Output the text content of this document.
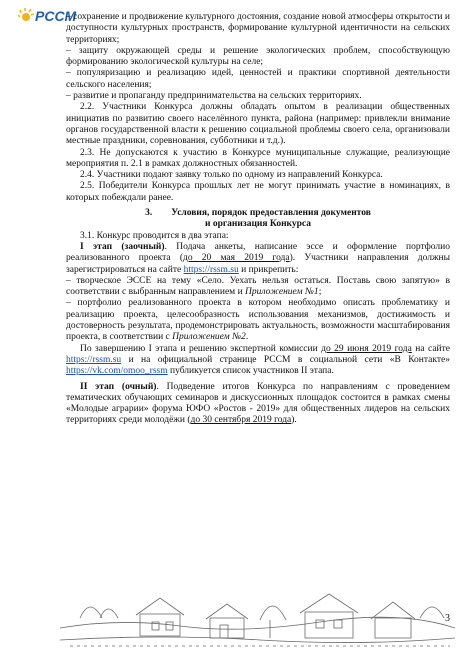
РССМ

– сохранение и продвижение культурного достояния, создание новой атмосферы открытости и доступности культурных пространств, формирование культурной идентичности на сельских территориях;

– защиту окружающей среды и решение экологических проблем, способствующую формированию экологической культуры на селе;

– популяризацию и реализацию идей, ценностей и практики спортивной деятельности сельского населения;

– развитие и пропаганду предпринимательства на сельских территориях.

2.2. Участники Конкурса должны обладать опытом в реализации общественных инициатив по развитию своего населённого пункта, района (например: привлекли внимание органов государственной власти к решению социальной проблемы своего села, организовали местные праздники, соревнования, субботники и т.д.).

2.3. Не допускаются к участию в Конкурсе муниципальные служащие, реализующие мероприятия п. 2.1 в рамках должностных обязанностей.

2.4. Участники подают заявку только по одному из направлений Конкурса.

2.5. Победители Конкурса прошлых лет не могут принимать участие в номинациях, в которых побеждали ранее.

3. Условия, порядок предоставления документов
и организация Конкурса

3.1. Конкурс проводится в два этапа:

I этап (заочный). Подача анкеты, написание эссе и оформление портфолио реализованного проекта (до 20 мая 2019 года). Участники направления должны зарегистрироваться на сайте https://rssm.su и прикрепить:

– творческое ЭССЕ на тему «Село. Уехать нельзя остаться. Поставь свою запятую» в соответствии с выбранным направлением и Приложением №1;

– портфолио реализованного проекта в котором необходимо описать проблематику и реализацию проекта, целесообразность использования механизмов, достижимость и достоверность результата, продемонстрировать актуальность, возможности масштабирования проекта, в соответствии с Приложением №2.

По завершению I этапа и решению экспертной комиссии до 29 июня 2019 года на сайте https://rssm.su и на официальной странице РССМ в социальной сети «В Контакте» https://vk.com/omoo_rssm публикуется список участников II этапа.

II этап (очный). Подведение итогов Конкурса по направлениям с проведением тематических обучающих семинаров и дискуссионных площадок состоится в рамках смены «Молодые аграрии» форума ЮФО «Ростов - 2019» для общественных лидеров на сельских территориях среди молодёжи (до 30 сентября 2019 года).

3
